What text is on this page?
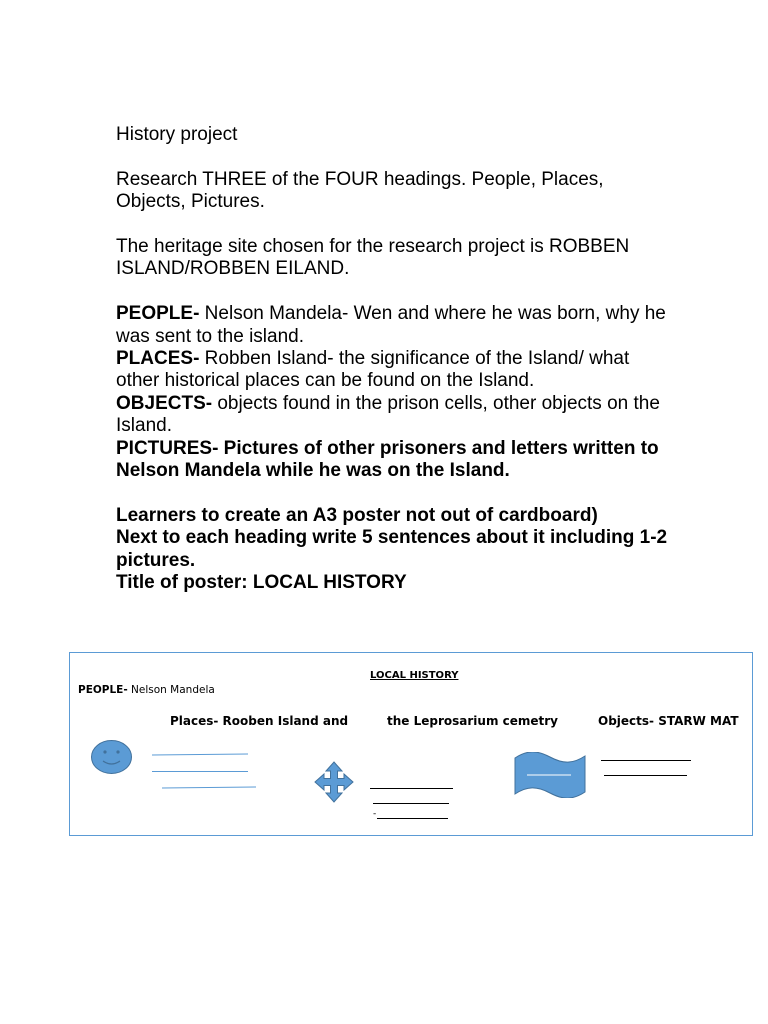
History project

Research THREE of the FOUR headings. People, Places, Objects, Pictures.

The heritage site chosen for the research project is ROBBEN ISLAND/ROBBEN EILAND.

PEOPLE- Nelson Mandela- Wen and where he was born, why he was sent to the island.

PLACES- Robben Island- the significance of the Island/ what other historical places can be found on the Island.

OBJECTS- objects found in the prison cells, other objects on the Island.

PICTURES- Pictures of other prisoners and letters written to Nelson Mandela while he was on the Island.

Learners to create an A3 poster not out of cardboard)

Next to each heading write 5 sentences about it including 1-2 pictures.

Title of poster: LOCAL HISTORY

LOCAL HISTORY
PEOPLE- Nelson Mandela
Places- Rooben Island and	the Leprosarium cemetry	Objects- STARW MAT
-
